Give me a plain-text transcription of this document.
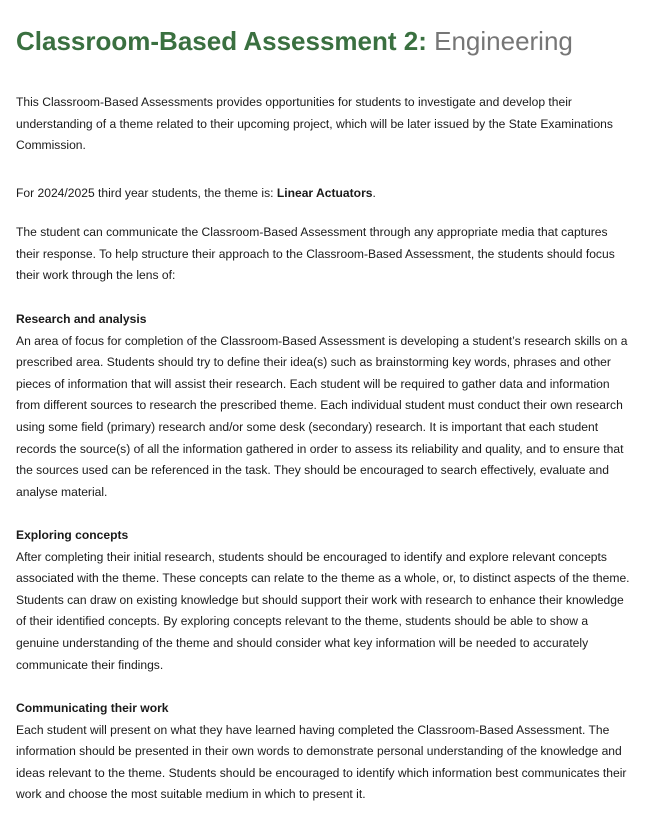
Classroom-Based Assessment 2: Engineering

This Classroom-Based Assessments provides opportunities for students to investigate and develop their understanding of a theme related to their upcoming project, which will be later issued by the State Examinations Commission.

For 2024/2025 third year students, the theme is: Linear Actuators.

The student can communicate the Classroom-Based Assessment through any appropriate media that captures their response. To help structure their approach to the Classroom-Based Assessment, the students should focus their work through the lens of:

Research and analysis

An area of focus for completion of the Classroom-Based Assessment is developing a student’s research skills on a prescribed area. Students should try to define their idea(s) such as brainstorming key words, phrases and other pieces of information that will assist their research. Each student will be required to gather data and information from different sources to research the prescribed theme. Each individual student must conduct their own research using some field (primary) research and/or some desk (secondary) research. It is important that each student records the source(s) of all the information gathered in order to assess its reliability and quality, and to ensure that the sources used can be referenced in the task. They should be encouraged to search effectively, evaluate and analyse material.

Exploring concepts

After completing their initial research, students should be encouraged to identify and explore relevant concepts associated with the theme. These concepts can relate to the theme as a whole, or, to distinct aspects of the theme. Students can draw on existing knowledge but should support their work with research to enhance their knowledge of their identified concepts. By exploring concepts relevant to the theme, students should be able to show a genuine understanding of the theme and should consider what key information will be needed to accurately communicate their findings.

Communicating their work

Each student will present on what they have learned having completed the Classroom-Based Assessment. The information should be presented in their own words to demonstrate personal understanding of the knowledge and ideas relevant to the theme. Students should be encouraged to identify which information best communicates their work and choose the most suitable medium in which to present it.
